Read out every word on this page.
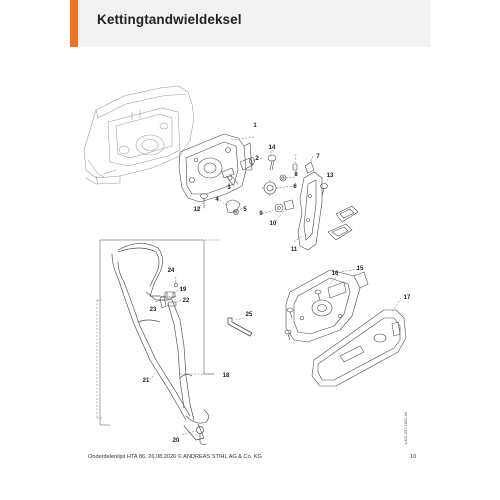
Kettingtandwieldeksel
1
2
3
4
5
6
7
8
9
10
11
12
13
14
15
16
17
18
19
20
21
22
23
24
25
Onderdelenlijst HTA 86, 26.08.2026 © ANDREAS STIHL AG & Co. KG	10
LA01-097-1802-A0
